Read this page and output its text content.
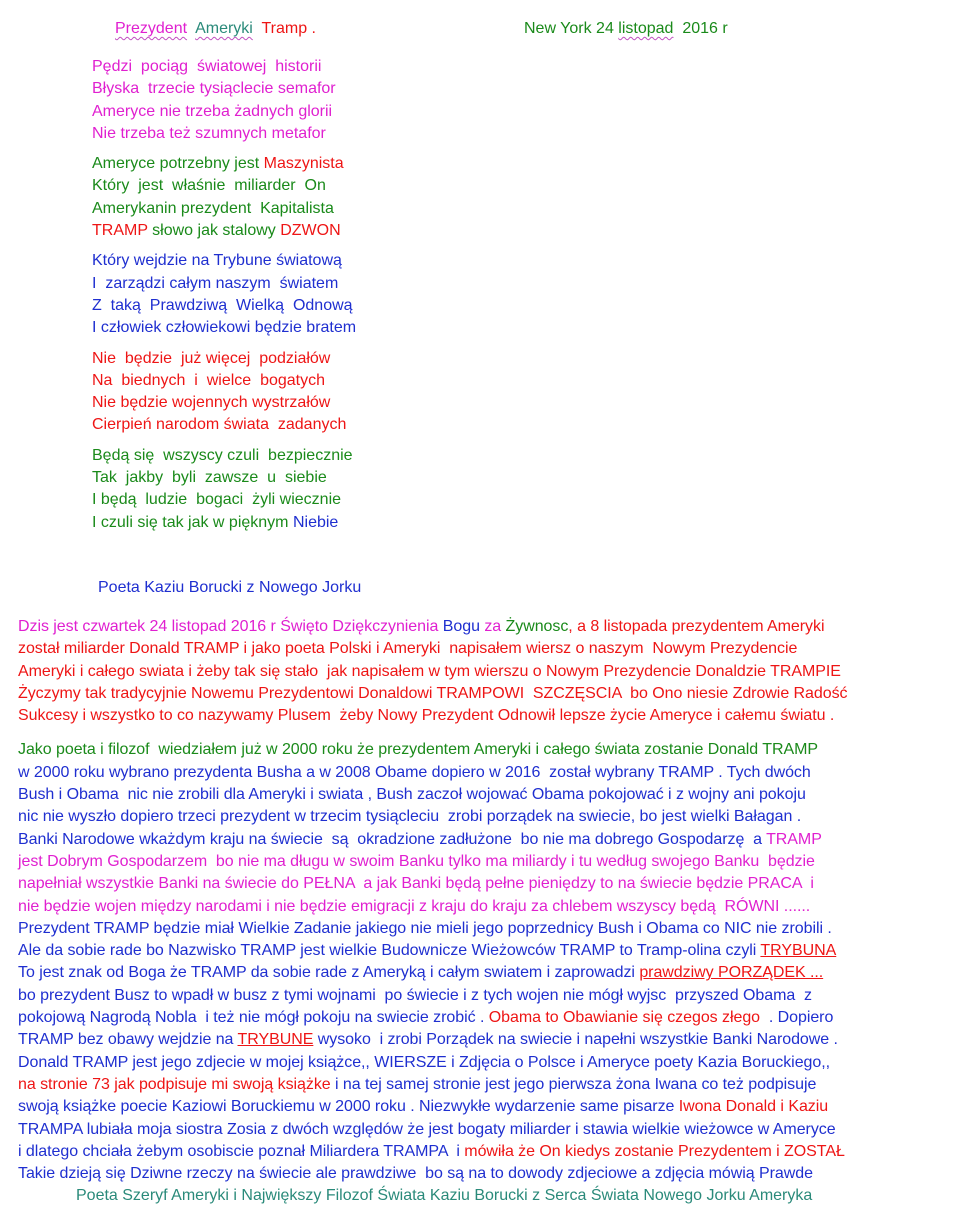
Prezydent Ameryki Tramp .	New York 24 listopad  2016 r
Pędzi  pociąg  światowej  historii
Błyska  trzecie tysiąclecie semafor
Ameryce nie trzeba żadnych glorii
Nie trzeba też szumnych metafor
Ameryce potrzebny jest Maszynista
Który  jest  właśnie  miliarder  On
Amerykanin prezydent  Kapitalista
TRAMP słowo jak stalowy DZWON
Który wejdzie na Trybune światową
I  zarządzi całym naszym  światem
Z  taką  Prawdziwą  Wielką  Odnową
I człowiek człowiekowi będzie bratem
Nie  będzie  już więcej  podziałów
Na  biednych  i  wielce  bogatych
Nie będzie wojennych wystrzałów
Cierpień narodom świata  zadanych
Będą się  wszyscy czuli  bezpiecznie
Tak  jakby  byli  zawsze  u  siebie
I będą  ludzie  bogaci  żyli wiecznie
I czuli się tak jak w pięknym Niebie
Poeta Kaziu Borucki z Nowego Jorku
Dzis jest czwartek 24 listopad 2016 r Święto Dziękczynienia Bogu za Żywnosc, a 8 listopada prezydentem Ameryki
został miliarder Donald TRAMP i jako poeta Polski i Ameryki  napisałem wiersz o naszym  Nowym Prezydencie
Ameryki i całego swiata i żeby tak się stało  jak napisałem w tym wierszu o Nowym Prezydencie Donaldzie TRAMPIE
Życzymy tak tradycyjnie Nowemu Prezydentowi Donaldowi TRAMPOWI  SZCZĘSCIA  bo Ono niesie Zdrowie Radość
Sukcesy i wszystko to co nazywamy Plusem  żeby Nowy Prezydent Odnowił lepsze życie Ameryce i całemu światu .
Jako poeta i filozof  wiedziałem już w 2000 roku że prezydentem Ameryki i całego świata zostanie Donald TRAMP
w 2000 roku wybrano prezydenta Busha a w 2008 Obame dopiero w 2016  został wybrany TRAMP . Tych dwóch
Bush i Obama  nic nie zrobili dla Ameryki i swiata , Bush zaczoł wojować Obama pokojować i z wojny ani pokoju
nic nie wyszło dopiero trzeci prezydent w trzecim tysiącleciu  zrobi porządek na swiecie, bo jest wielki Bałagan .
Banki Narodowe wkażdym kraju na świecie  są  okradzione zadłużone  bo nie ma dobrego Gospodarzę  a TRAMP
jest Dobrym Gospodarzem  bo nie ma długu w swoim Banku tylko ma miliardy i tu według swojego Banku  będzie
napełniał wszystkie Banki na świecie do PEŁNA  a jak Banki będą pełne pieniędzy to na świecie będzie PRACA  i
nie będzie wojen między narodami i nie będzie emigracji z kraju do kraju za chlebem wszyscy będą  RÓWNI ......
Prezydent TRAMP będzie miał Wielkie Zadanie jakiego nie mieli jego poprzednicy Bush i Obama co NIC nie zrobili .
Ale da sobie rade bo Nazwisko TRAMP jest wielkie Budownicze Wieżowców TRAMP to Tramp-olina czyli TRYBUNA
To jest znak od Boga że TRAMP da sobie rade z Ameryką i całym swiatem i zaprowadzi prawdziwy PORZĄDEK ...
bo prezydent Busz to wpadł w busz z tymi wojnami  po świecie i z tych wojen nie mógł wyjsc  przyszed Obama  z
pokojową Nagrodą Nobla  i też nie mógł pokoju na swiecie zrobić . Obama to Obawianie się czegos złego  . Dopiero
TRAMP bez obawy wejdzie na TRYBUNE wysoko  i zrobi Porządek na swiecie i napełni wszystkie Banki Narodowe .
Donald TRAMP jest jego zdjecie w mojej książce,, WIERSZE i Zdjęcia o Polsce i Ameryce poety Kazia Boruckiego,,
na stronie 73 jak podpisuje mi swoją książke i na tej samej stronie jest jego pierwsza żona Iwana co też podpisuje
swoją książke poecie Kaziowi Boruckiemu w 2000 roku . Niezwykłe wydarzenie same pisarze Iwona Donald i Kaziu
TRAMPA lubiała moja siostra Zosia z dwóch względów że jest bogaty miliarder i stawia wielkie wieżowce w Ameryce
i dlatego chciała żebym osobiscie poznał Miliardera TRAMPA  i mówiła że On kiedys zostanie Prezydentem i ZOSTAŁ
Takie dzieją się Dziwne rzeczy na świecie ale prawdziwe  bo są na to dowody zdjeciowe a zdjęcia mówią Prawde
Poeta Szeryf Ameryki i Największy Filozof Świata Kaziu Borucki z Serca Świata Nowego Jorku Ameryka
